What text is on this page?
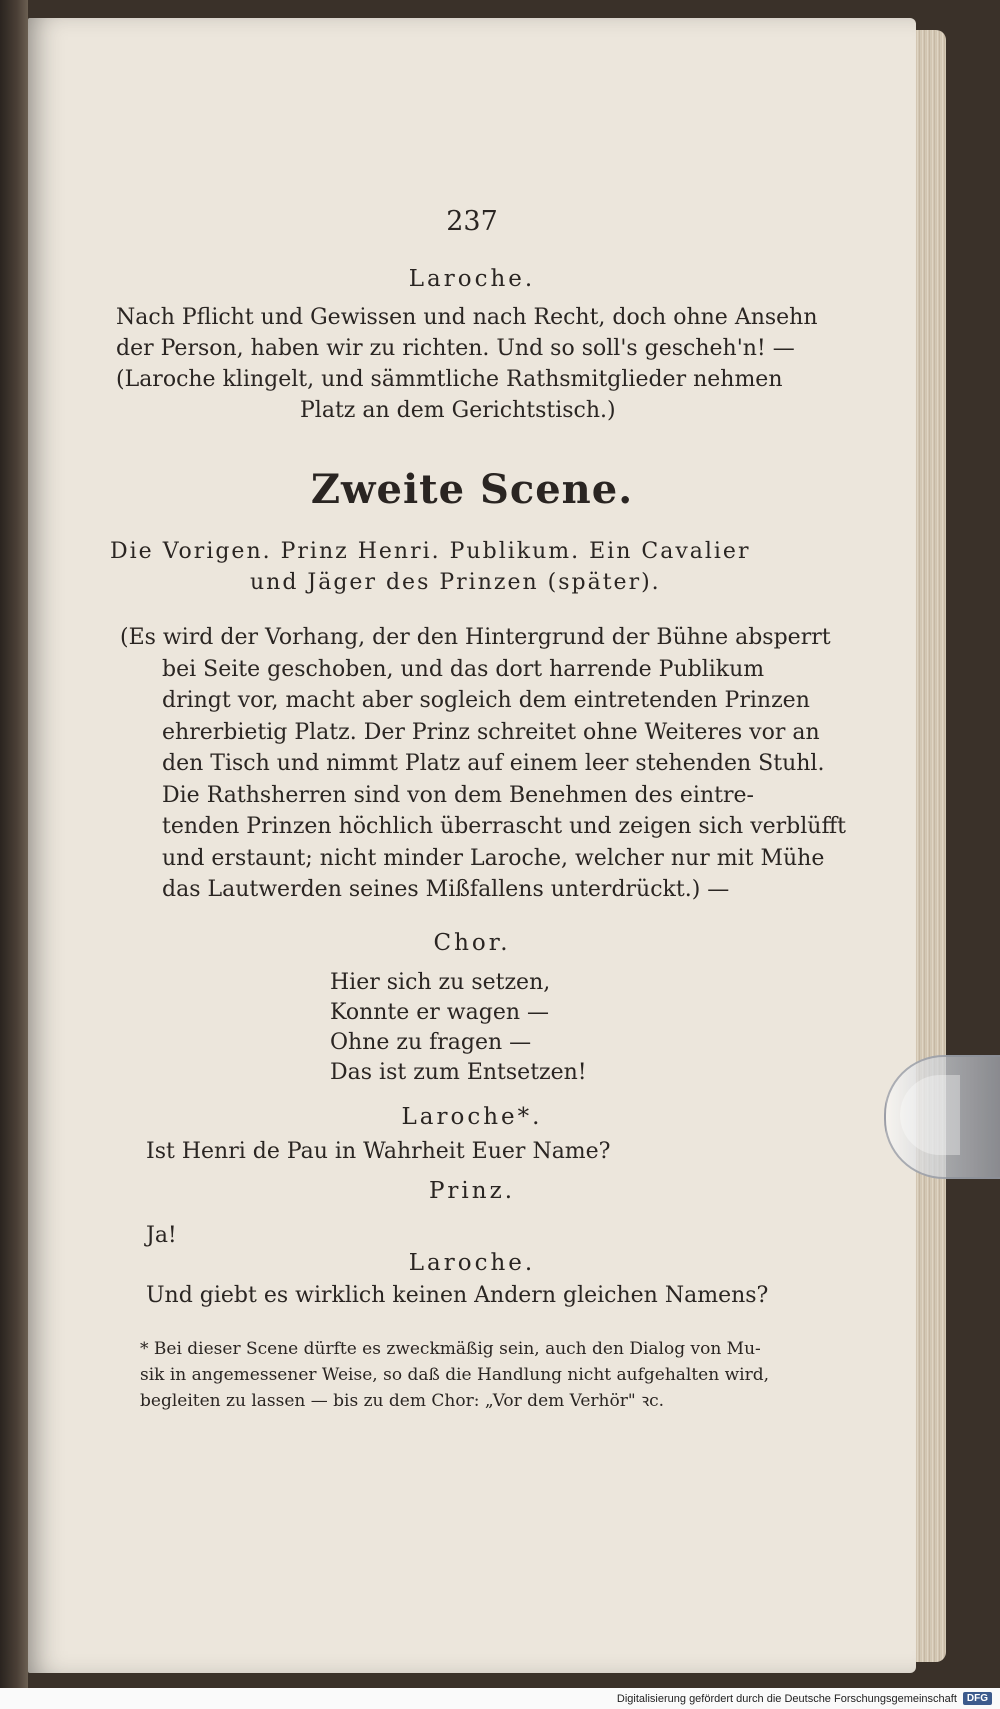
237
Laroche.
Nach Pflicht und Gewissen und nach Recht, doch ohne Ansehn
der Person, haben wir zu richten. Und so soll's gescheh'n! —
(Laroche klingelt, und sämmtliche Rathsmitglieder nehmen
Platz an dem Gerichtstisch.)
Zweite Scene.
Die Vorigen. Prinz Henri. Publikum. Ein Cavalier
und Jäger des Prinzen (später).
(Es wird der Vorhang, der den Hintergrund der Bühne absperrt
bei Seite geschoben, und das dort harrende Publikum
dringt vor, macht aber sogleich dem eintretenden Prinzen
ehrerbietig Platz. Der Prinz schreitet ohne Weiteres vor an
den Tisch und nimmt Platz auf einem leer stehenden Stuhl.
Die Rathsherren sind von dem Benehmen des eintre-
tenden Prinzen höchlich überrascht und zeigen sich verblüfft
und erstaunt; nicht minder Laroche, welcher nur mit Mühe
das Lautwerden seines Mißfallens unterdrückt.) —
Chor.
Hier sich zu setzen,
Konnte er wagen —
Ohne zu fragen —
Das ist zum Entsetzen!
Laroche*.
Ist Henri de Pau in Wahrheit Euer Name?
Prinz.
Ja!
Laroche.
Und giebt es wirklich keinen Andern gleichen Namens?
* Bei dieser Scene dürfte es zweckmäßig sein, auch den Dialog von Mu-
sik in angemessener Weise, so daß die Handlung nicht aufgehalten wird,
begleiten zu lassen — bis zu dem Chor: „Vor dem Verhör" ꝛc.
Digitalisierung gefördert durch die Deutsche Forschungsgemeinschaft	DFG
